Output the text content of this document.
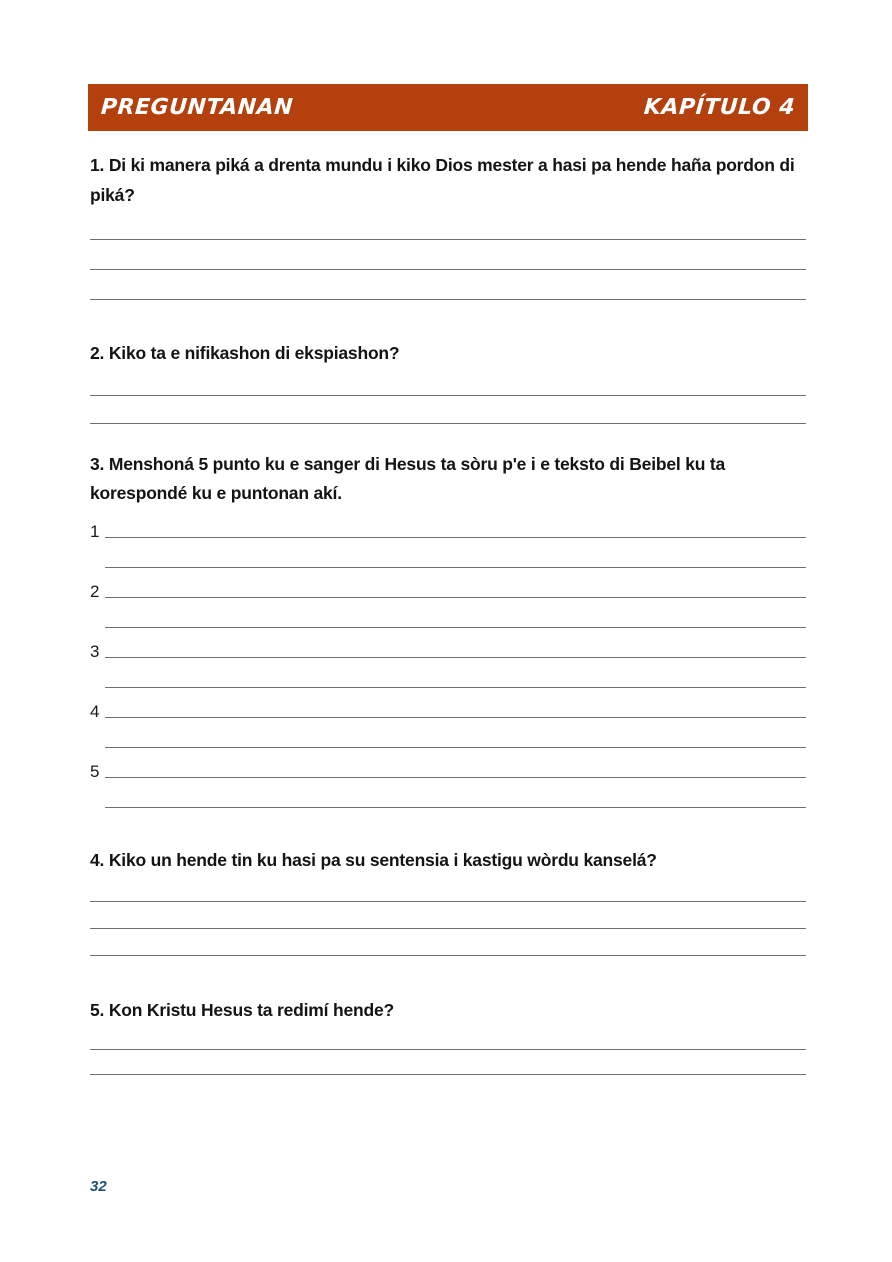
PREGUNTANAN	KAPÍTULO 4
1. Di ki manera piká a drenta mundu i kiko Dios mester a hasi pa hende haña pordon di piká?
2. Kiko ta e nifikashon di ekspiashon?
3. Menshoná 5 punto ku e sanger di Hesus ta sòru p'e i e teksto di Beibel ku ta korespondé ku e puntonan akí.
1
2
3
4
5
4. Kiko un hende tin ku hasi pa su sentensia i kastigu wòrdu kanselá?
5. Kon Kristu Hesus ta redimí hende?
32
